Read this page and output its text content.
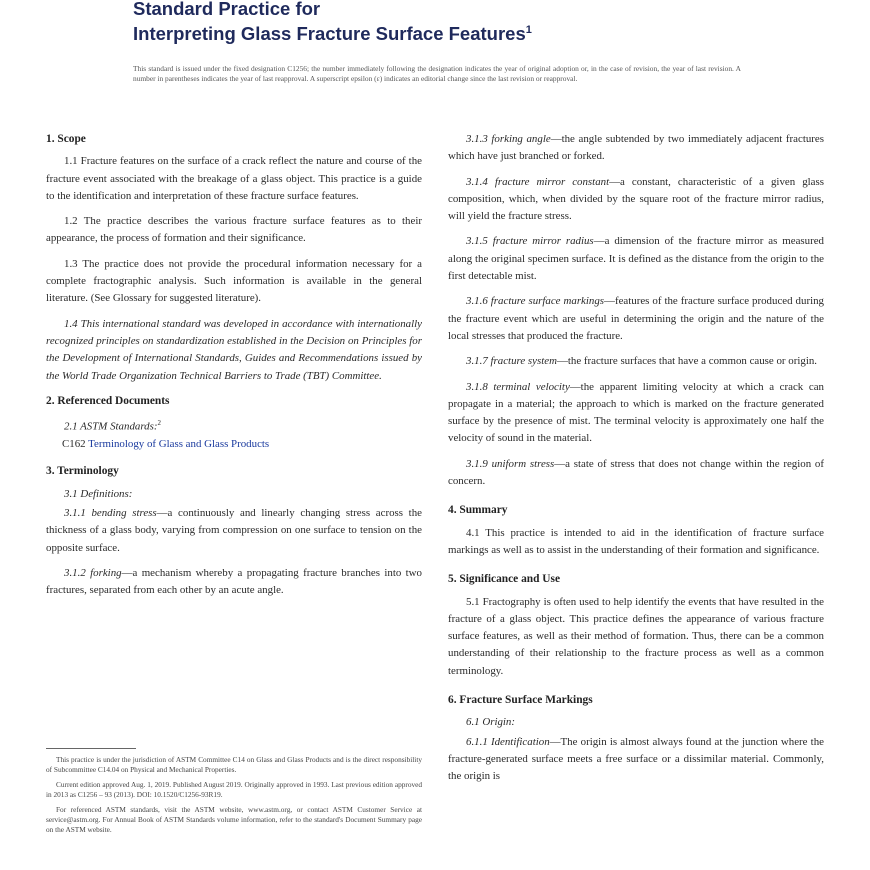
Standard Practice for
Interpreting Glass Fracture Surface Features$^1$
This standard is issued under the fixed designation C1256; the number immediately following the designation indicates the year of original adoption or, in the case of revision, the year of last revision. A number in parentheses indicates the year of last reapproval. A superscript epsilon (ε) indicates an editorial change since the last revision or reapproval.
1. Scope

1.1 Fracture features on the surface of a crack reflect the nature and course of the fracture event associated with the breakage of a glass object. This practice is a guide to the identification and interpretation of these fracture surface features.

1.2 The practice describes the various fracture surface features as to their appearance, the process of formation and their significance.

1.3 The practice does not provide the procedural information necessary for a complete fractographic analysis. Such information is available in the general literature. (See Glossary for suggested literature).

1.4 This international standard was developed in accordance with internationally recognized principles on standardization established in the Decision on Principles for the Development of International Standards, Guides and Recommendations issued by the World Trade Organization Technical Barriers to Trade (TBT) Committee.

2. Referenced Documents

2.1 ASTM Standards:$^2$

C162 Terminology of Glass and Glass Products

3. Terminology

3.1 Definitions:

3.1.1 bending stress—a continuously and linearly changing stress across the thickness of a glass body, varying from compression on one surface to tension on the opposite surface.

3.1.2 forking—a mechanism whereby a propagating fracture branches into two fractures, separated from each other by an acute angle.

3.1.3 forking angle—the angle subtended by two immediately adjacent fractures which have just branched or forked.

3.1.4 fracture mirror constant—a constant, characteristic of a given glass composition, which, when divided by the square root of the fracture mirror radius, will yield the fracture stress.

3.1.5 fracture mirror radius—a dimension of the fracture mirror as measured along the original specimen surface. It is defined as the distance from the origin to the first detectable mist.

3.1.6 fracture surface markings—features of the fracture surface produced during the fracture event which are useful in determining the origin and the nature of the local stresses that produced the fracture.

3.1.7 fracture system—the fracture surfaces that have a common cause or origin.

3.1.8 terminal velocity—the apparent limiting velocity at which a crack can propagate in a material; the approach to which is marked on the fracture generated surface by the presence of mist. The terminal velocity is approximately one half the velocity of sound in the material.

3.1.9 uniform stress—a state of stress that does not change within the region of concern.

4. Summary

4.1 This practice is intended to aid in the identification of fracture surface markings as well as to assist in the understanding of their formation and significance.

5. Significance and Use

5.1 Fractography is often used to help identify the events that have resulted in the fracture of a glass object. This practice defines the appearance of various fracture surface features, as well as their method of formation. Thus, there can be a common understanding of their relationship to the fracture process as well as a common terminology.

6. Fracture Surface Markings

6.1 Origin:

6.1.1 Identification—The origin is almost always found at the junction where the fracture-generated surface meets a free surface or a dissimilar material. Commonly, the origin is

This practice is under the jurisdiction of ASTM Committee C14 on Glass and Glass Products and is the direct responsibility of Subcommittee C14.04 on Physical and Mechanical Properties.

Current edition approved Aug. 1, 2019. Published August 2019. Originally approved in 1993. Last previous edition approved in 2013 as C1256 – 93 (2013). DOI: 10.1520/C1256-93R19.

For referenced ASTM standards, visit the ASTM website, www.astm.org, or contact ASTM Customer Service at service@astm.org. For Annual Book of ASTM Standards volume information, refer to the standard's Document Summary page on the ASTM website.
